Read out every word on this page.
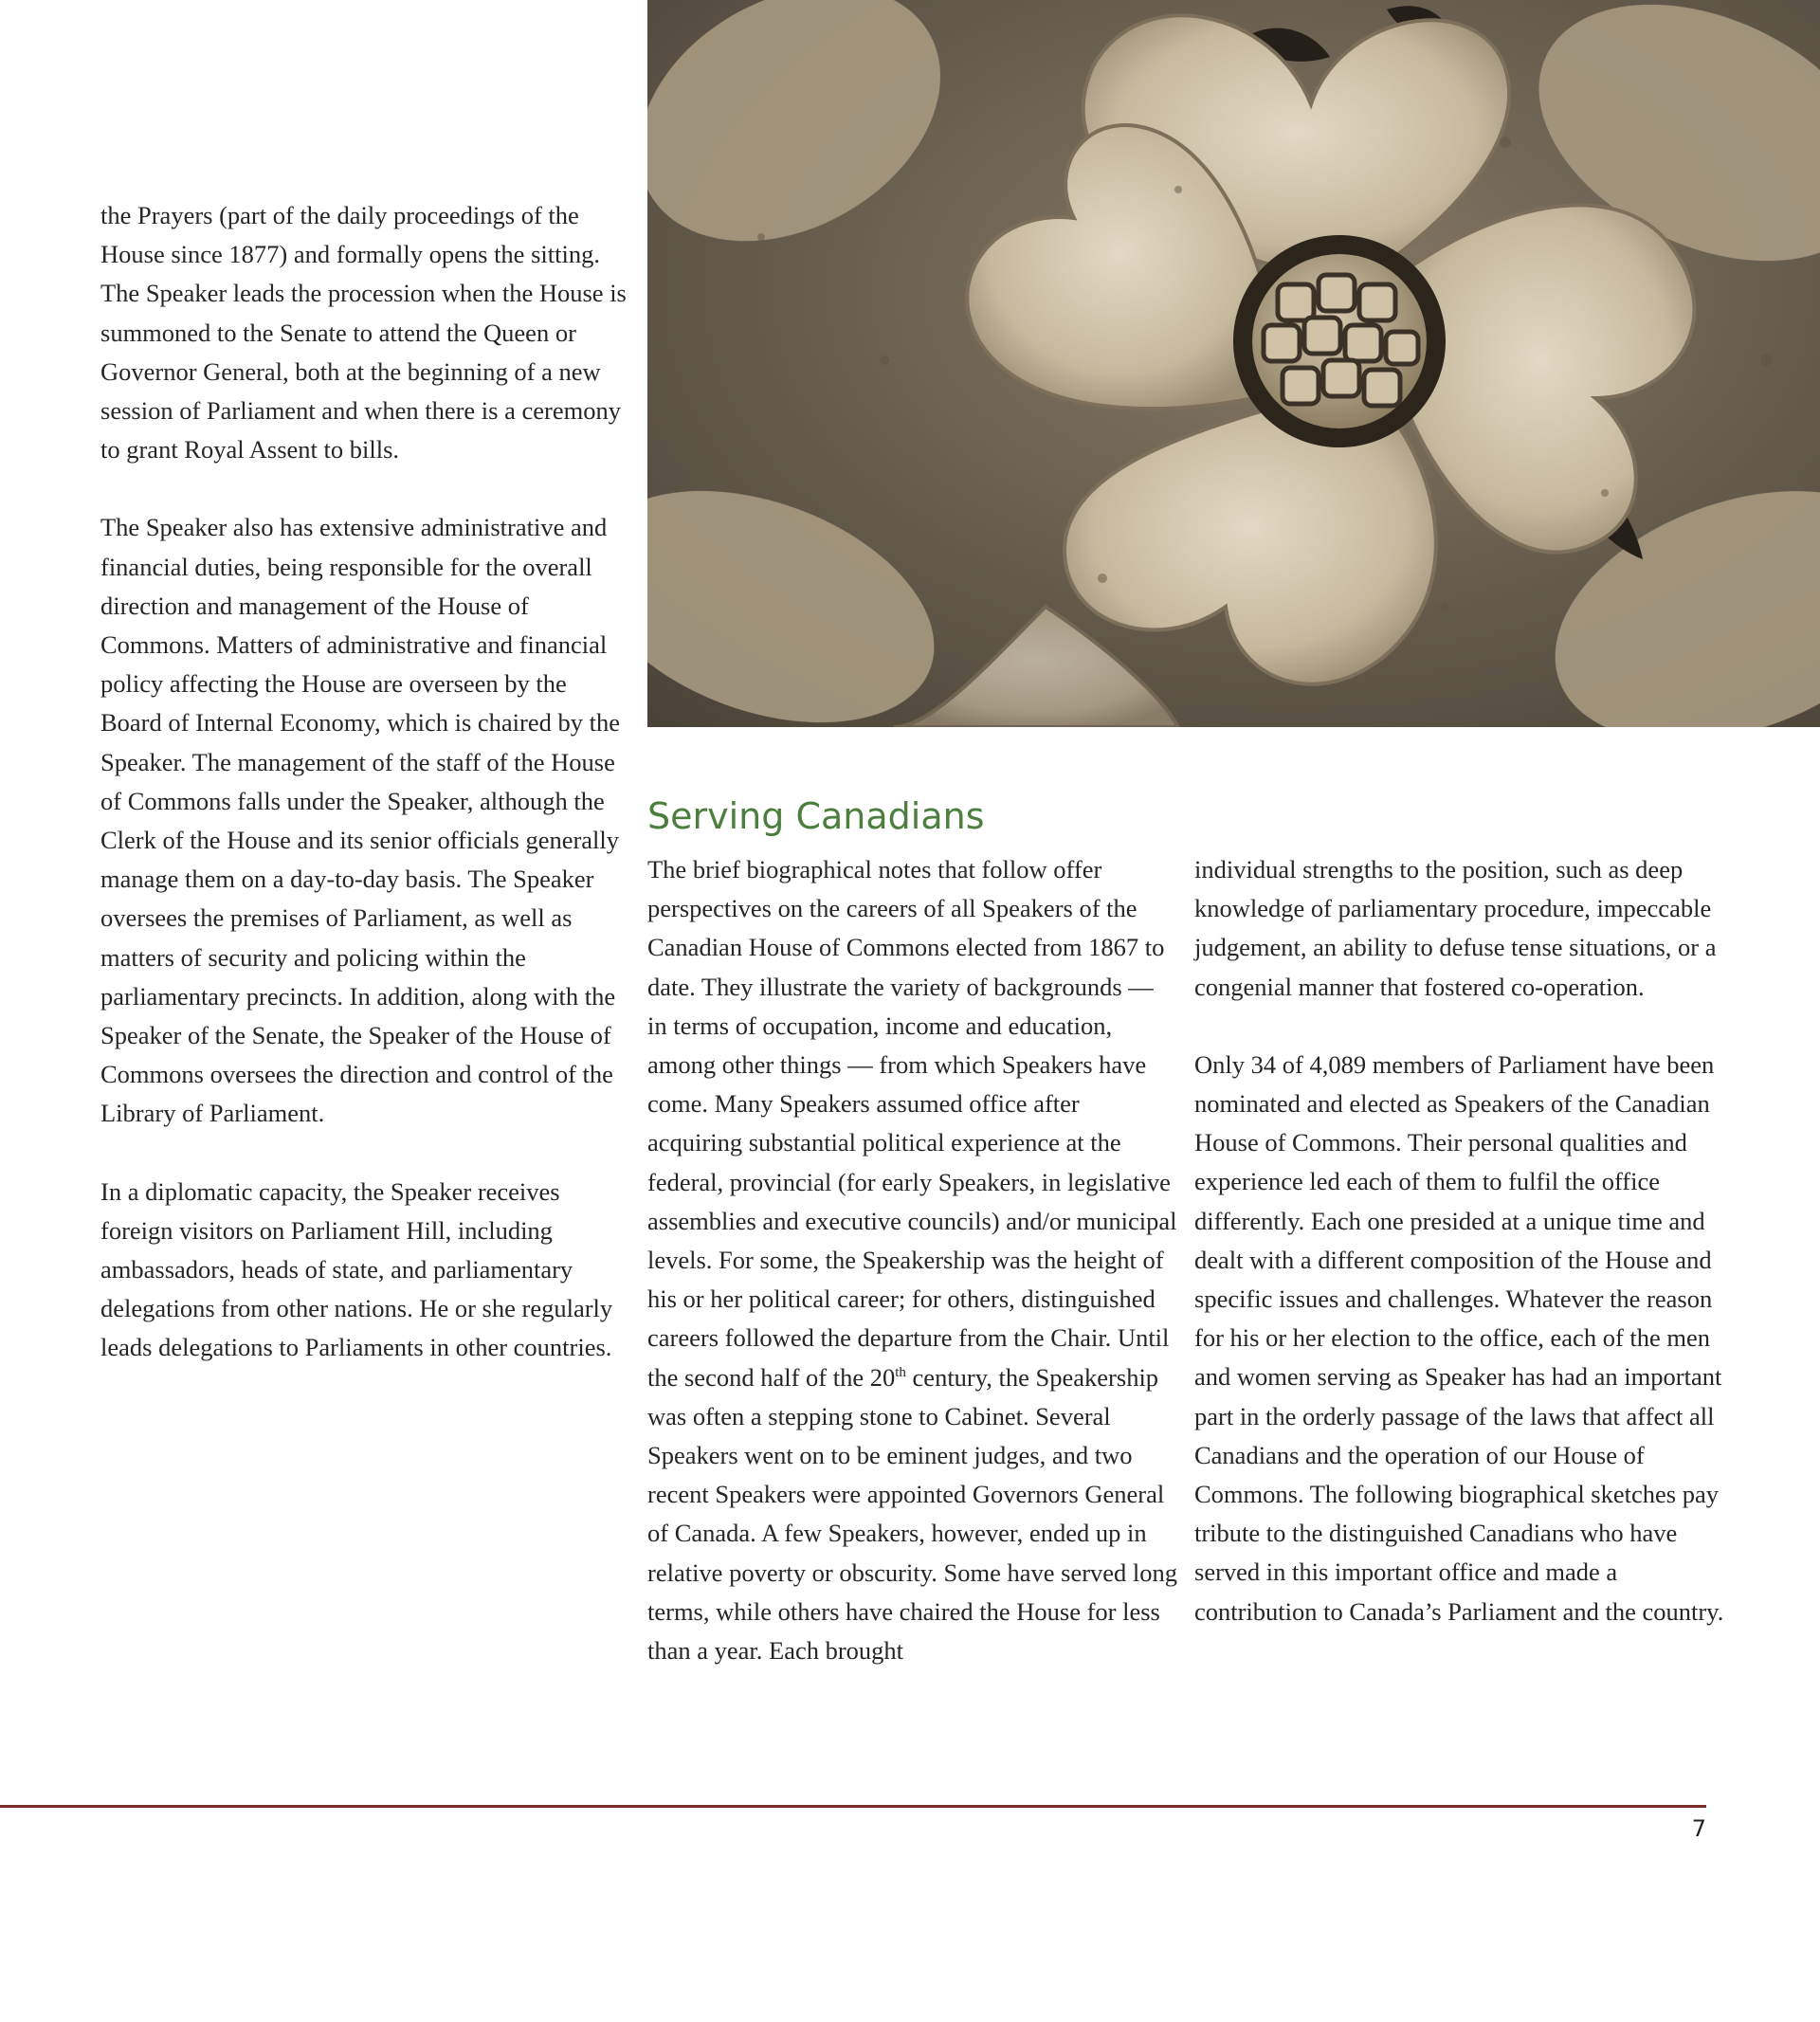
the Prayers (part of the daily proceedings of the House since 1877) and formally opens the sitting. The Speaker leads the procession when the House is summoned to the Senate to attend the Queen or Governor General, both at the beginning of a new session of Parliament and when there is a ceremony to grant Royal Assent to bills.

The Speaker also has extensive administrative and financial duties, being responsible for the overall direction and management of the House of Commons. Matters of administrative and financial policy affecting the House are overseen by the Board of Internal Economy, which is chaired by the Speaker. The management of the staff of the House of Commons falls under the Speaker, although the Clerk of the House and its senior officials generally manage them on a day-to-day basis. The Speaker oversees the premises of Parliament, as well as matters of security and policing within the parliamentary precincts. In addition, along with the Speaker of the Senate, the Speaker of the House of Commons oversees the direction and control of the Library of Parliament.

In a diplomatic capacity, the Speaker receives foreign visitors on Parliament Hill, including ambassadors, heads of state, and parliamentary delegations from other nations. He or she regularly leads delegations to Parliaments in other countries.

Serving Canadians

The brief biographical notes that follow offer perspectives on the careers of all Speakers of the Canadian House of Commons elected from 1867 to date. They illustrate the variety of backgrounds — in terms of occupation, income and education, among other things — from which Speakers have come. Many Speakers assumed office after acquiring substantial political experience at the federal, provincial (for early Speakers, in legislative assemblies and executive councils) and/or municipal levels. For some, the Speakership was the height of his or her political career; for others, distinguished careers followed the departure from the Chair. Until the second half of the 20th century, the Speakership was often a stepping stone to Cabinet. Several Speakers went on to be eminent judges, and two recent Speakers were appointed Governors General of Canada. A few Speakers, however, ended up in relative poverty or obscurity. Some have served long terms, while others have chaired the House for less than a year. Each brought

individual strengths to the position, such as deep knowledge of parliamentary procedure, impeccable judgement, an ability to defuse tense situations, or a congenial manner that fostered co-operation.

Only 34 of 4,089 members of Parliament have been nominated and elected as Speakers of the Canadian House of Commons. Their personal qualities and experience led each of them to fulfil the office differently. Each one presided at a unique time and dealt with a different composition of the House and specific issues and challenges. Whatever the reason for his or her election to the office, each of the men and women serving as Speaker has had an important part in the orderly passage of the laws that affect all Canadians and the operation of our House of Commons. The following biographical sketches pay tribute to the distinguished Canadians who have served in this important office and made a contribution to Canada’s Parliament and the country.

7
